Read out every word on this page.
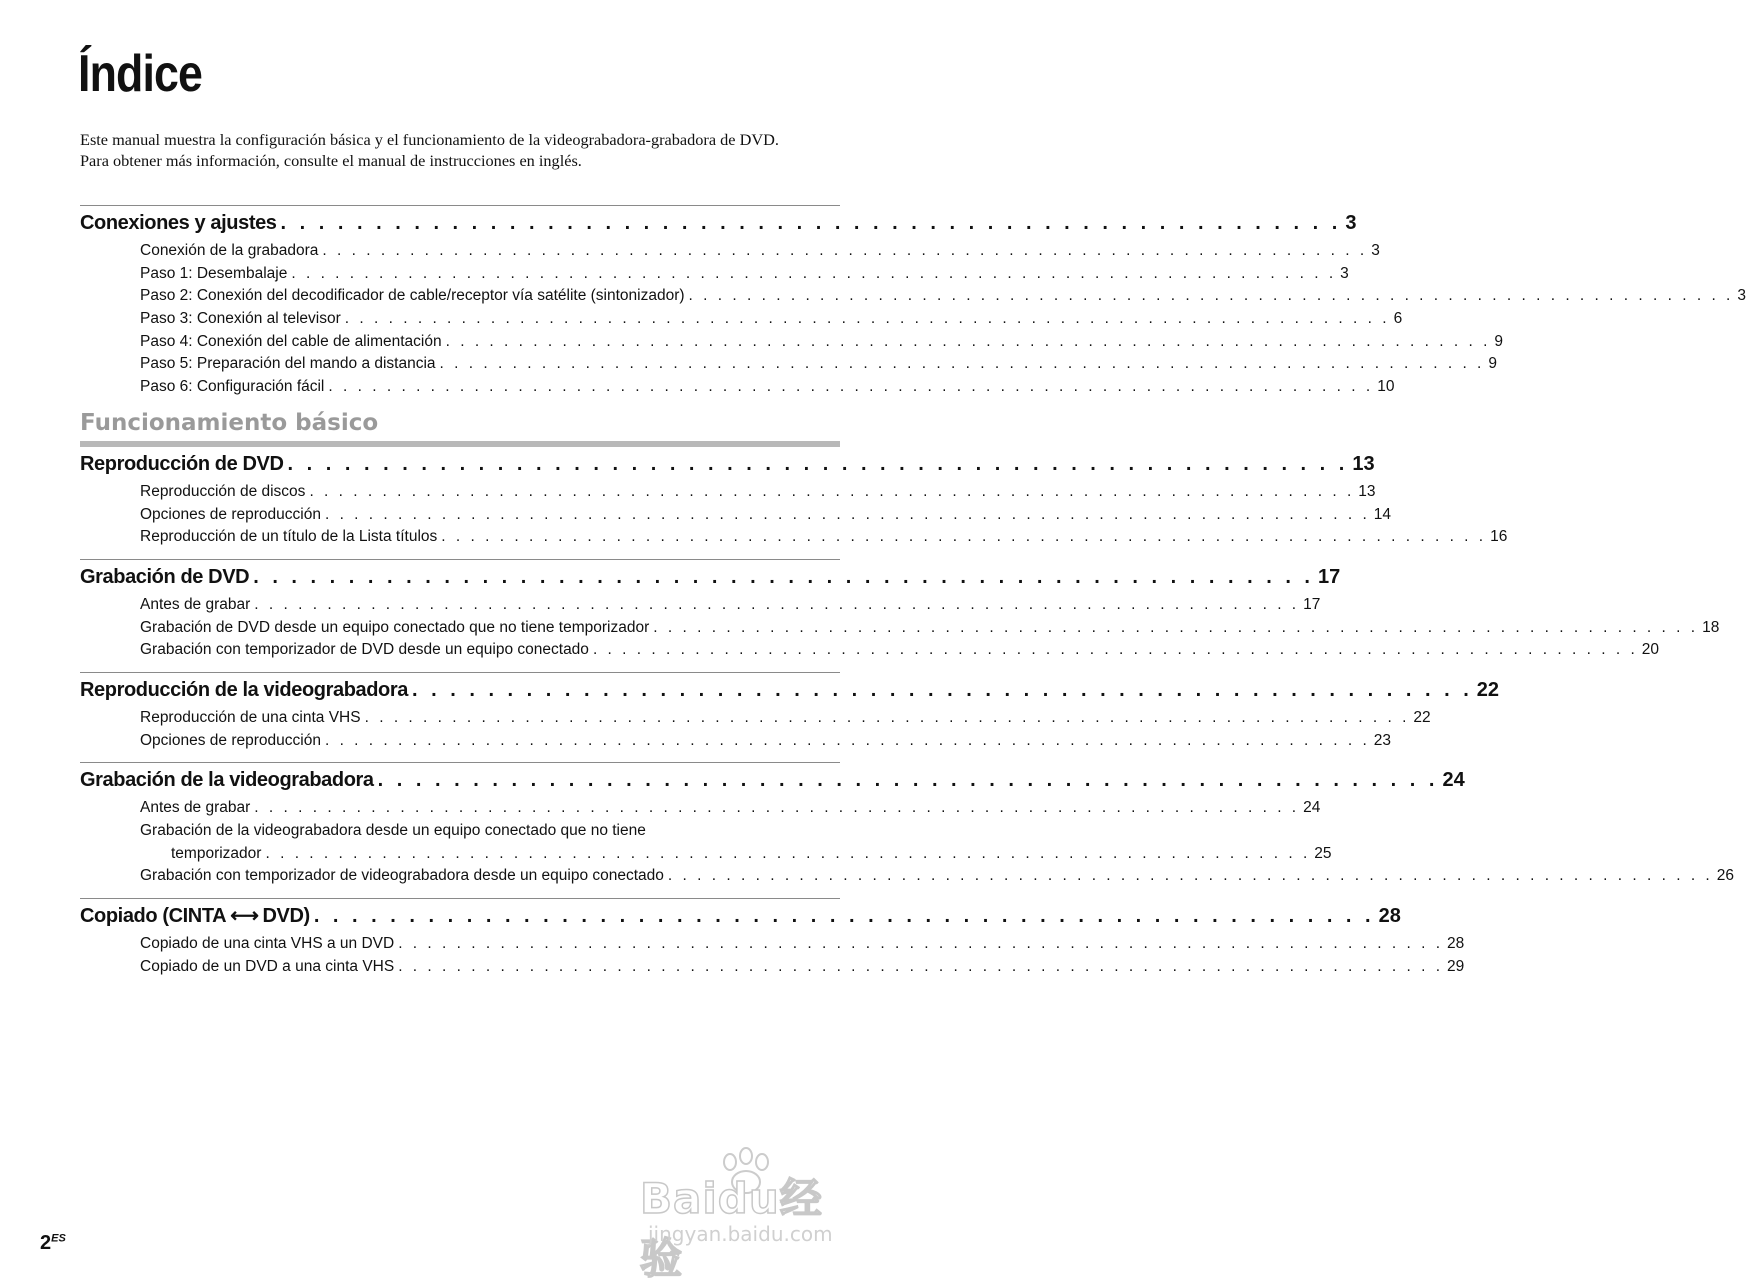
Índice

Este manual muestra la configuración básica y el funcionamiento de la videograbadora-grabadora de DVD.

Para obtener más información, consulte el manual de instrucciones en inglés.

Conexiones y ajustes . . . . . . . . . . . . . . . . . . . . . . . . . . . . . . . . . . . . . . . . . . . . . . . . . . . . . . . . 3
Conexión de la grabadora . . . . . . . . . . . . . . . . . . . . . . . . . . . . . . . . . . . . . . . . . . . . . . . . . . . . . . . . . . . . . . . . . . . . . . . . 3
Paso 1: Desembalaje . . . . . . . . . . . . . . . . . . . . . . . . . . . . . . . . . . . . . . . . . . . . . . . . . . . . . . . . . . . . . . . . . . . . . . . . 3
Paso 2: Conexión del decodificador de cable/receptor vía satélite (sintonizador) . . . . . . . . . . . . . . . . . . . . . . . . . . . . . . . . . . . . . . . . . . . . . . . . . . . . . . . . . . . . . . . . . . . . . . . . 3
Paso 3: Conexión al televisor . . . . . . . . . . . . . . . . . . . . . . . . . . . . . . . . . . . . . . . . . . . . . . . . . . . . . . . . . . . . . . . . . . . . . . . . 6
Paso 4: Conexión del cable de alimentación . . . . . . . . . . . . . . . . . . . . . . . . . . . . . . . . . . . . . . . . . . . . . . . . . . . . . . . . . . . . . . . . . . . . . . . . 9
Paso 5: Preparación del mando a distancia . . . . . . . . . . . . . . . . . . . . . . . . . . . . . . . . . . . . . . . . . . . . . . . . . . . . . . . . . . . . . . . . . . . . . . . . 9
Paso 6: Configuración fácil . . . . . . . . . . . . . . . . . . . . . . . . . . . . . . . . . . . . . . . . . . . . . . . . . . . . . . . . . . . . . . . . . . . . . . . . 10
Funcionamiento básico
Reproducción de DVD . . . . . . . . . . . . . . . . . . . . . . . . . . . . . . . . . . . . . . . . . . . . . . . . . . . . . . . . 13
Reproducción de discos . . . . . . . . . . . . . . . . . . . . . . . . . . . . . . . . . . . . . . . . . . . . . . . . . . . . . . . . . . . . . . . . . . . . . . . . 13
Opciones de reproducción . . . . . . . . . . . . . . . . . . . . . . . . . . . . . . . . . . . . . . . . . . . . . . . . . . . . . . . . . . . . . . . . . . . . . . . . 14
Reproducción de un título de la Lista títulos . . . . . . . . . . . . . . . . . . . . . . . . . . . . . . . . . . . . . . . . . . . . . . . . . . . . . . . . . . . . . . . . . . . . . . . . 16
Grabación de DVD . . . . . . . . . . . . . . . . . . . . . . . . . . . . . . . . . . . . . . . . . . . . . . . . . . . . . . . . 17
Antes de grabar . . . . . . . . . . . . . . . . . . . . . . . . . . . . . . . . . . . . . . . . . . . . . . . . . . . . . . . . . . . . . . . . . . . . . . . . 17
Grabación de DVD desde un equipo conectado que no tiene temporizador . . . . . . . . . . . . . . . . . . . . . . . . . . . . . . . . . . . . . . . . . . . . . . . . . . . . . . . . . . . . . . . . . . . . . . . . 18
Grabación con temporizador de DVD desde un equipo conectado . . . . . . . . . . . . . . . . . . . . . . . . . . . . . . . . . . . . . . . . . . . . . . . . . . . . . . . . . . . . . . . . . . . . . . . . 20
Reproducción de la videograbadora . . . . . . . . . . . . . . . . . . . . . . . . . . . . . . . . . . . . . . . . . . . . . . . . . . . . . . . . 22
Reproducción de una cinta VHS . . . . . . . . . . . . . . . . . . . . . . . . . . . . . . . . . . . . . . . . . . . . . . . . . . . . . . . . . . . . . . . . . . . . . . . . 22
Opciones de reproducción . . . . . . . . . . . . . . . . . . . . . . . . . . . . . . . . . . . . . . . . . . . . . . . . . . . . . . . . . . . . . . . . . . . . . . . . 23
Grabación de la videograbadora . . . . . . . . . . . . . . . . . . . . . . . . . . . . . . . . . . . . . . . . . . . . . . . . . . . . . . . . 24
Antes de grabar . . . . . . . . . . . . . . . . . . . . . . . . . . . . . . . . . . . . . . . . . . . . . . . . . . . . . . . . . . . . . . . . . . . . . . . . 24
Grabación de la videograbadora desde un equipo conectado que no tiene
temporizador . . . . . . . . . . . . . . . . . . . . . . . . . . . . . . . . . . . . . . . . . . . . . . . . . . . . . . . . . . . . . . . . . . . . . . . . 25
Grabación con temporizador de videograbadora desde un equipo conectado . . . . . . . . . . . . . . . . . . . . . . . . . . . . . . . . . . . . . . . . . . . . . . . . . . . . . . . . . . . . . . . . . . . . . . . . 26
Copiado (CINTA ⟷ DVD) . . . . . . . . . . . . . . . . . . . . . . . . . . . . . . . . . . . . . . . . . . . . . . . . . . . . . . . . 28
Copiado de una cinta VHS a un DVD . . . . . . . . . . . . . . . . . . . . . . . . . . . . . . . . . . . . . . . . . . . . . . . . . . . . . . . . . . . . . . . . . . . . . . . . 28
Copiado de un DVD a una cinta VHS . . . . . . . . . . . . . . . . . . . . . . . . . . . . . . . . . . . . . . . . . . . . . . . . . . . . . . . . . . . . . . . . . . . . . . . . 29
Baidu经验
jingyan.baidu.com
$2^{ES}$
